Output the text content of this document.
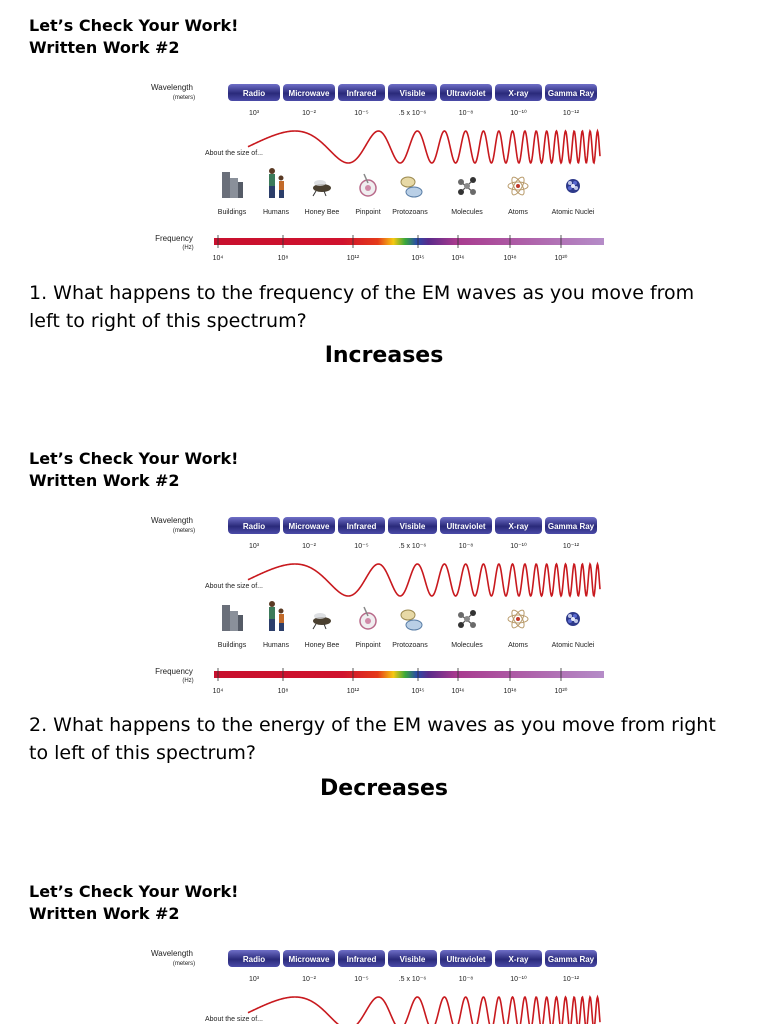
Let’s Check Your Work!
Written Work #2
Wavelength
(meters)	Radio	Microwave Infrared	Visible	Ultraviolet	X-ray Gamma Ray
10³	10⁻²	10⁻⁵	.5 x 10⁻⁶	10⁻⁸	10⁻¹⁰	10⁻¹²
About the size of...
Buildings Humans Honey Bee Pinpoint Protozoans	Molecules	Atoms	Atomic Nuclei
Frequency
(Hz)
10⁴	10⁸	10¹²	10¹⁵	10¹⁶	10¹⁸	10²⁰
1. What happens to the frequency of the EM waves as you move from left to right of this spectrum?
Increases
Let’s Check Your Work!
Written Work #2
Wavelength
(meters)	Radio	Microwave Infrared	Visible	Ultraviolet	X-ray Gamma Ray
10³	10⁻²	10⁻⁵	.5 x 10⁻⁶	10⁻⁸	10⁻¹⁰	10⁻¹²
About the size of...
Buildings Humans Honey Bee Pinpoint Protozoans	Molecules	Atoms	Atomic Nuclei
Frequency
(Hz)
10⁴	10⁸	10¹²	10¹⁵	10¹⁶	10¹⁸	10²⁰
2. What happens to the energy of the EM waves as you move from right to left of this spectrum?
Decreases
Let’s Check Your Work!
Written Work #2
Wavelength
(meters)	Radio	Microwave Infrared	Visible	Ultraviolet	X-ray Gamma Ray
10³	10⁻²	10⁻⁵	.5 x 10⁻⁶	10⁻⁸	10⁻¹⁰	10⁻¹²
About the size of...
